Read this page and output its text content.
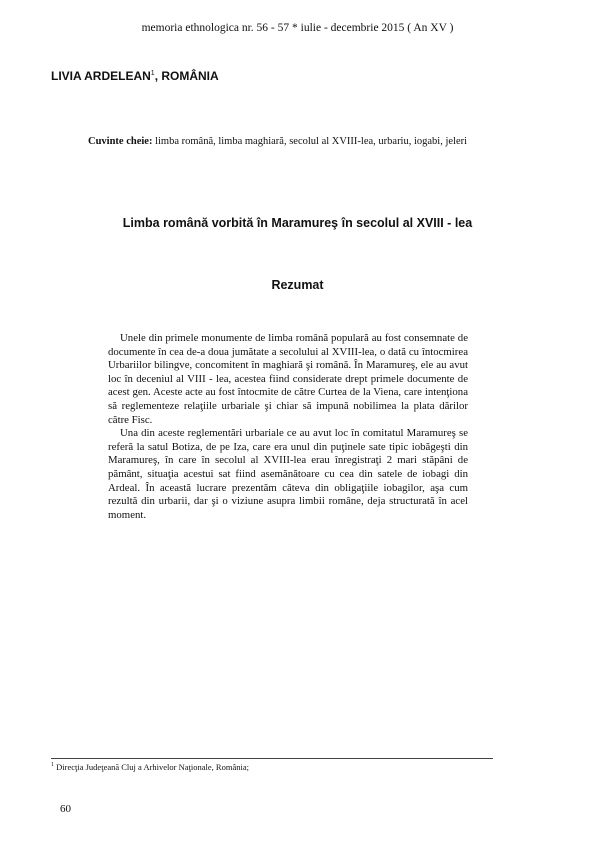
memoria ethnologica nr. 56 - 57 * iulie - decembrie 2015 ( An XV )
LIVIA ARDELEAN$^1$, ROMÂNIA
Cuvinte cheie: limba română, limba maghiară, secolul al XVIII-lea, urbariu, iogabi, jeleri
Limba română vorbită în Maramureş în secolul al XVIII - lea
Rezumat

Unele din primele monumente de limba română populară au fost consemnate de documente în cea de-a doua jumătate a secolului al XVIII-lea, o dată cu întocmirea Urbariilor bilingve, concomitent în maghiară şi română. În Maramureş, ele au avut loc în deceniul al VIII - lea, acestea fiind considerate drept primele documente de acest gen. Aceste acte au fost întocmite de către Curtea de la Viena, care intenţiona să reglementeze relaţiile urbariale şi chiar să impună nobilimea la plata dărilor către Fisc.

Una din aceste reglementări urbariale ce au avut loc în comitatul Maramureş se referă la satul Botiza, de pe Iza, care era unul din puţinele sate tipic iobăgeşti din Maramureş, în care în secolul al XVIII-lea erau înregistraţi 2 mari stăpâni de pământ, situaţia acestui sat fiind asemănătoare cu cea din satele de iobagi din Ardeal. În această lucrare prezentăm câteva din obligaţiile iobagilor, aşa cum rezultă din urbarii, dar şi o viziune asupra limbii române, deja structurată în acel moment.

$^1$ Direcţia Judeţeană Cluj a Arhivelor Naţionale, România;
60
